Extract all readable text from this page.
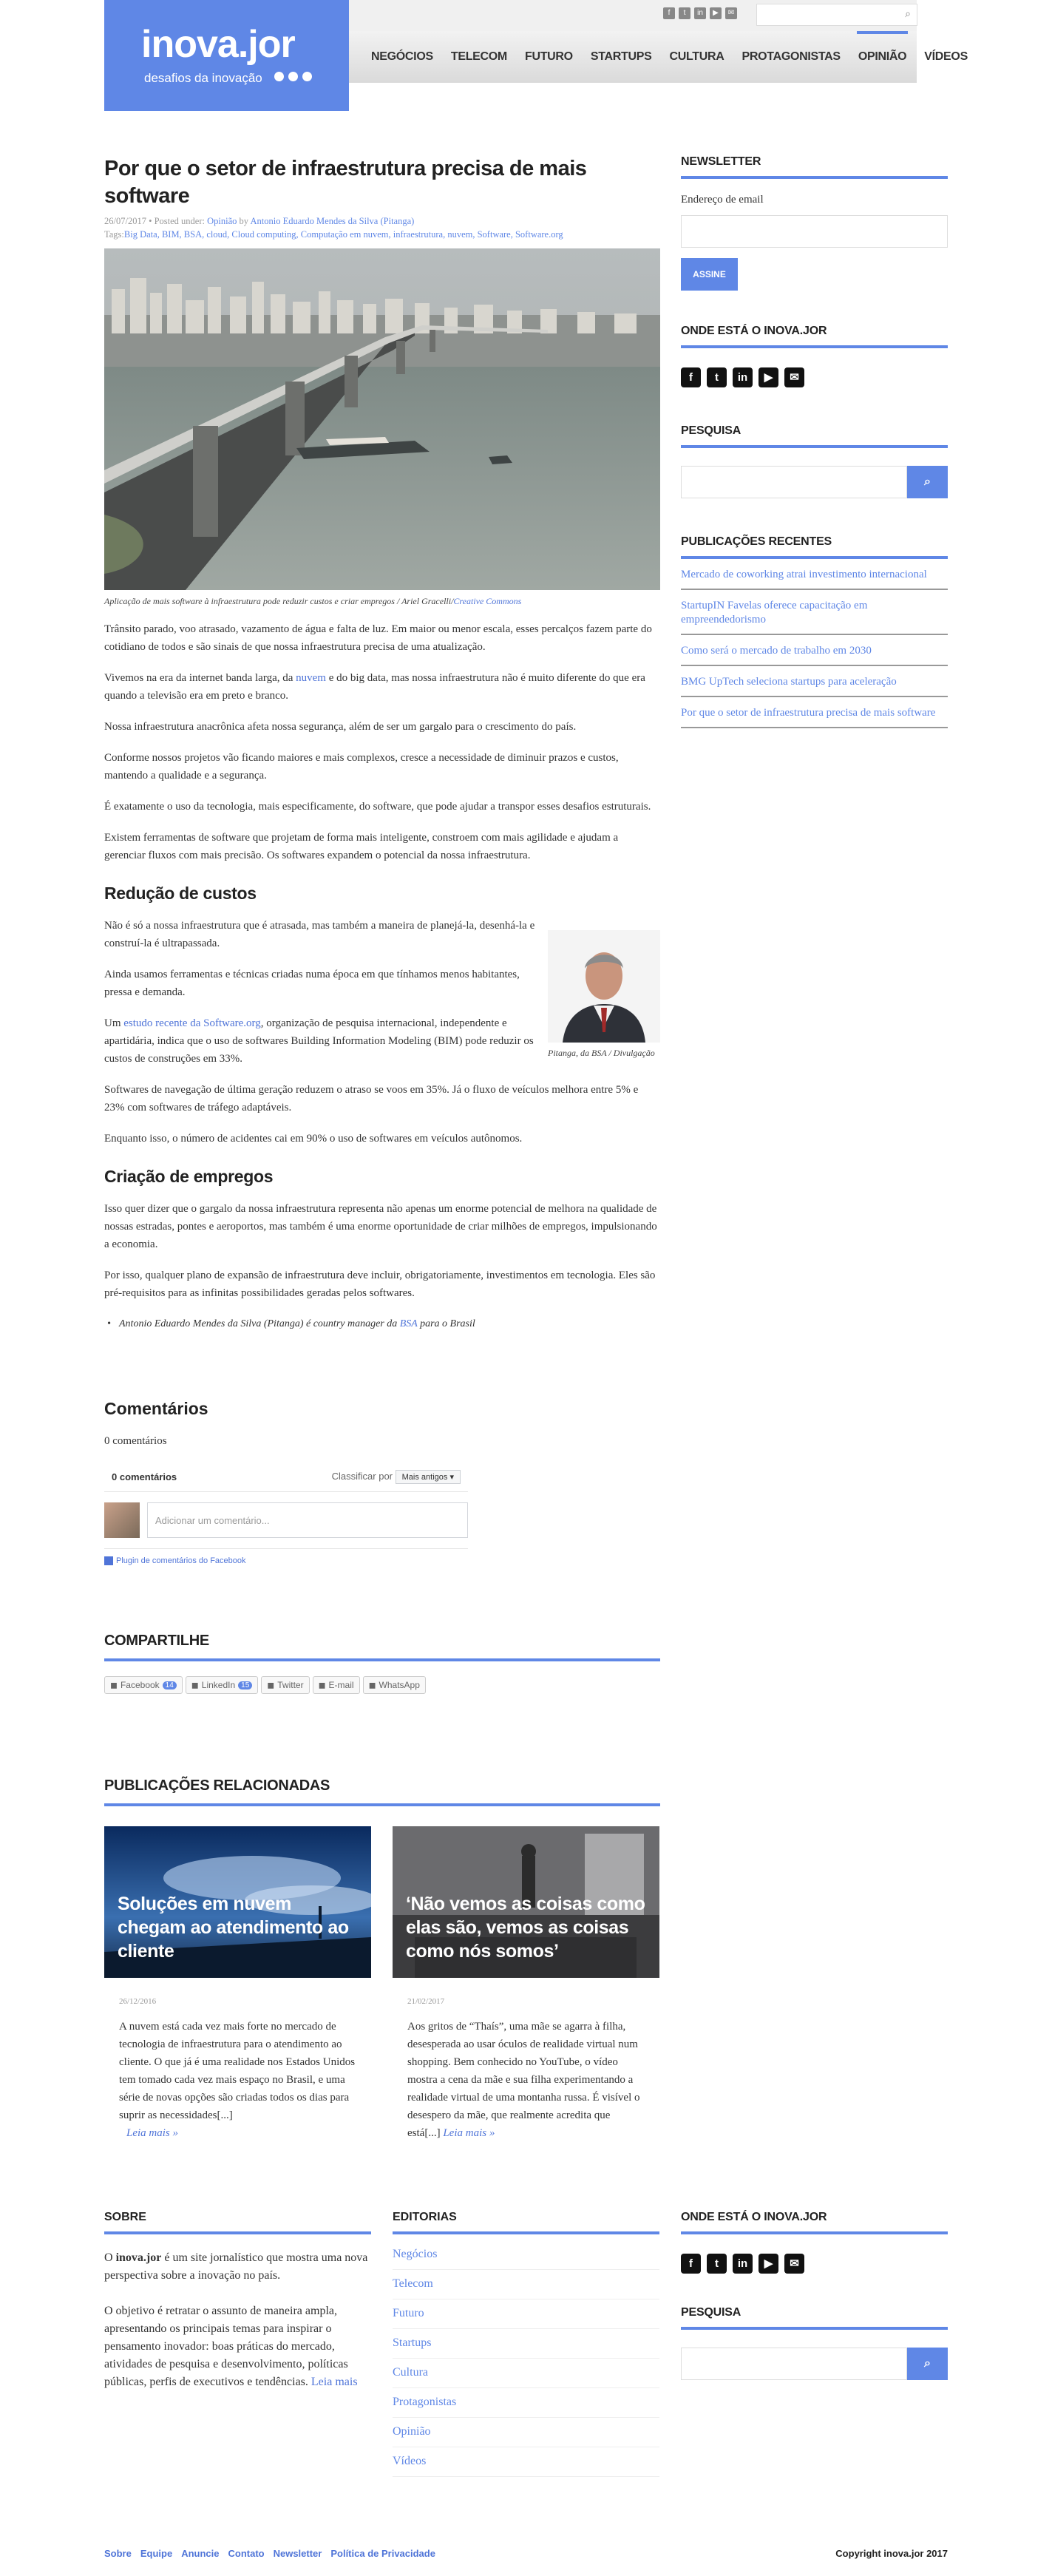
f	t	in	▶	✉	⌕
NEGÓCIOS	TELECOM	FUTURO	STARTUPS	CULTURA	PROTAGONISTAS	OPINIÃO	VÍDEOS
inova.jor
desafios da inovação
Por que o setor de infraestrutura precisa de mais software
26/07/2017 • Posted under: Opinião by Antonio Eduardo Mendes da Silva (Pitanga)
Tags:Big Data, BIM, BSA, cloud, Cloud computing, Computação em nuvem, infraestrutura, nuvem, Software, Software.org
Aplicação de mais software à infraestrutura pode reduzir custos e criar empregos / Ariel Gracelli/Creative Commons

Trânsito parado, voo atrasado, vazamento de água e falta de luz. Em maior ou menor escala, esses percalços fazem parte do cotidiano de todos e são sinais de que nossa infraestrutura precisa de uma atualização.

Vivemos na era da internet banda larga, da nuvem e do big data, mas nossa infraestrutura não é muito diferente do que era quando a televisão era em preto e branco.

Nossa infraestrutura anacrônica afeta nossa segurança, além de ser um gargalo para o crescimento do país.

Conforme nossos projetos vão ficando maiores e mais complexos, cresce a necessidade de diminuir prazos e custos, mantendo a qualidade e a segurança.

É exatamente o uso da tecnologia, mais especificamente, do software, que pode ajudar a transpor esses desafios estruturais.

Existem ferramentas de software que projetam de forma mais inteligente, constroem com mais agilidade e ajudam a gerenciar fluxos com mais precisão. Os softwares expandem o potencial da nossa infraestrutura.

Redução de custos
Pitanga, da BSA / Divulgação

Não é só a nossa infraestrutura que é atrasada, mas também a maneira de planejá-la, desenhá-la e construí-la é ultrapassada.

Ainda usamos ferramentas e técnicas criadas numa época em que tínhamos menos habitantes, pressa e demanda.

Um estudo recente da Software.org, organização de pesquisa internacional, independente e apartidária, indica que o uso de softwares Building Information Modeling (BIM) pode reduzir os custos de construções em 33%.

Softwares de navegação de última geração reduzem o atraso se voos em 35%. Já o fluxo de veículos melhora entre 5% e 23% com softwares de tráfego adaptáveis.

Enquanto isso, o número de acidentes cai em 90% o uso de softwares em veículos autônomos.

Criação de empregos

Isso quer dizer que o gargalo da nossa infraestrutura representa não apenas um enorme potencial de melhora na qualidade de nossas estradas, pontes e aeroportos, mas também é uma enorme oportunidade de criar milhões de empregos, impulsionando a economia.

Por isso, qualquer plano de expansão de infraestrutura deve incluir, obrigatoriamente, investimentos em tecnologia. Eles são pré-requisitos para as infinitas possibilidades geradas pelos softwares.

• Antonio Eduardo Mendes da Silva (Pitanga) é country manager da BSA para o Brasil

Comentários
0 comentários
0 comentários	Classificar por Mais antigos ▾
Adicionar um comentário...
Plugin de comentários do Facebook
COMPARTILHE
◼ Facebook 14	◼ LinkedIn 15	◼ Twitter ◼ E-mail ◼ WhatsApp
PUBLICAÇÕES RELACIONADAS
Soluções em nuvem chegam ao atendimento ao cliente
26/12/2016
A nuvem está cada vez mais forte no mercado de tecnologia de infraestrutura para o atendimento ao cliente. O que já é uma realidade nos Estados Unidos tem tomado cada vez mais espaço no Brasil, e uma série de novas opções são criadas todos os dias para suprir as necessidades[...]
Leia mais »
‘Não vemos as coisas como elas são, vemos as coisas como nós somos’
21/02/2017
Aos gritos de “Thaís”, uma mãe se agarra à filha, desesperada ao usar óculos de realidade virtual num shopping. Bem conhecido no YouTube, o vídeo mostra a cena da mãe e sua filha experimentando a realidade virtual de uma montanha russa. É visível o desespero da mãe, que realmente acredita que está[...] Leia mais »
NEWSLETTER
Endereço de email
ASSINE
ONDE ESTÁ O INOVA.JOR
f	t	in	▶	✉
PESQUISA
⌕
PUBLICAÇÕES RECENTES
Mercado de coworking atrai investimento internacional
StartupIN Favelas oferece capacitação em empreendedorismo
Como será o mercado de trabalho em 2030
BMG UpTech seleciona startups para aceleração
Por que o setor de infraestrutura precisa de mais software
SOBRE

O inova.jor é um site jornalístico que mostra uma nova perspectiva sobre a inovação no país.

O objetivo é retratar o assunto de maneira ampla, apresentando os principais temas para inspirar o pensamento inovador: boas práticas do mercado, atividades de pesquisa e desenvolvimento, políticas públicas, perfis de executivos e tendências. Leia mais

EDITORIAS
Negócios
Telecom
Futuro
Startups
Cultura
Protagonistas
Opinião
Vídeos
ONDE ESTÁ O INOVA.JOR
f	t	in	▶	✉
PESQUISA
⌕
Sobre Equipe Anuncie Contato Newsletter Política de Privacidade	Copyright inova.jor 2017
